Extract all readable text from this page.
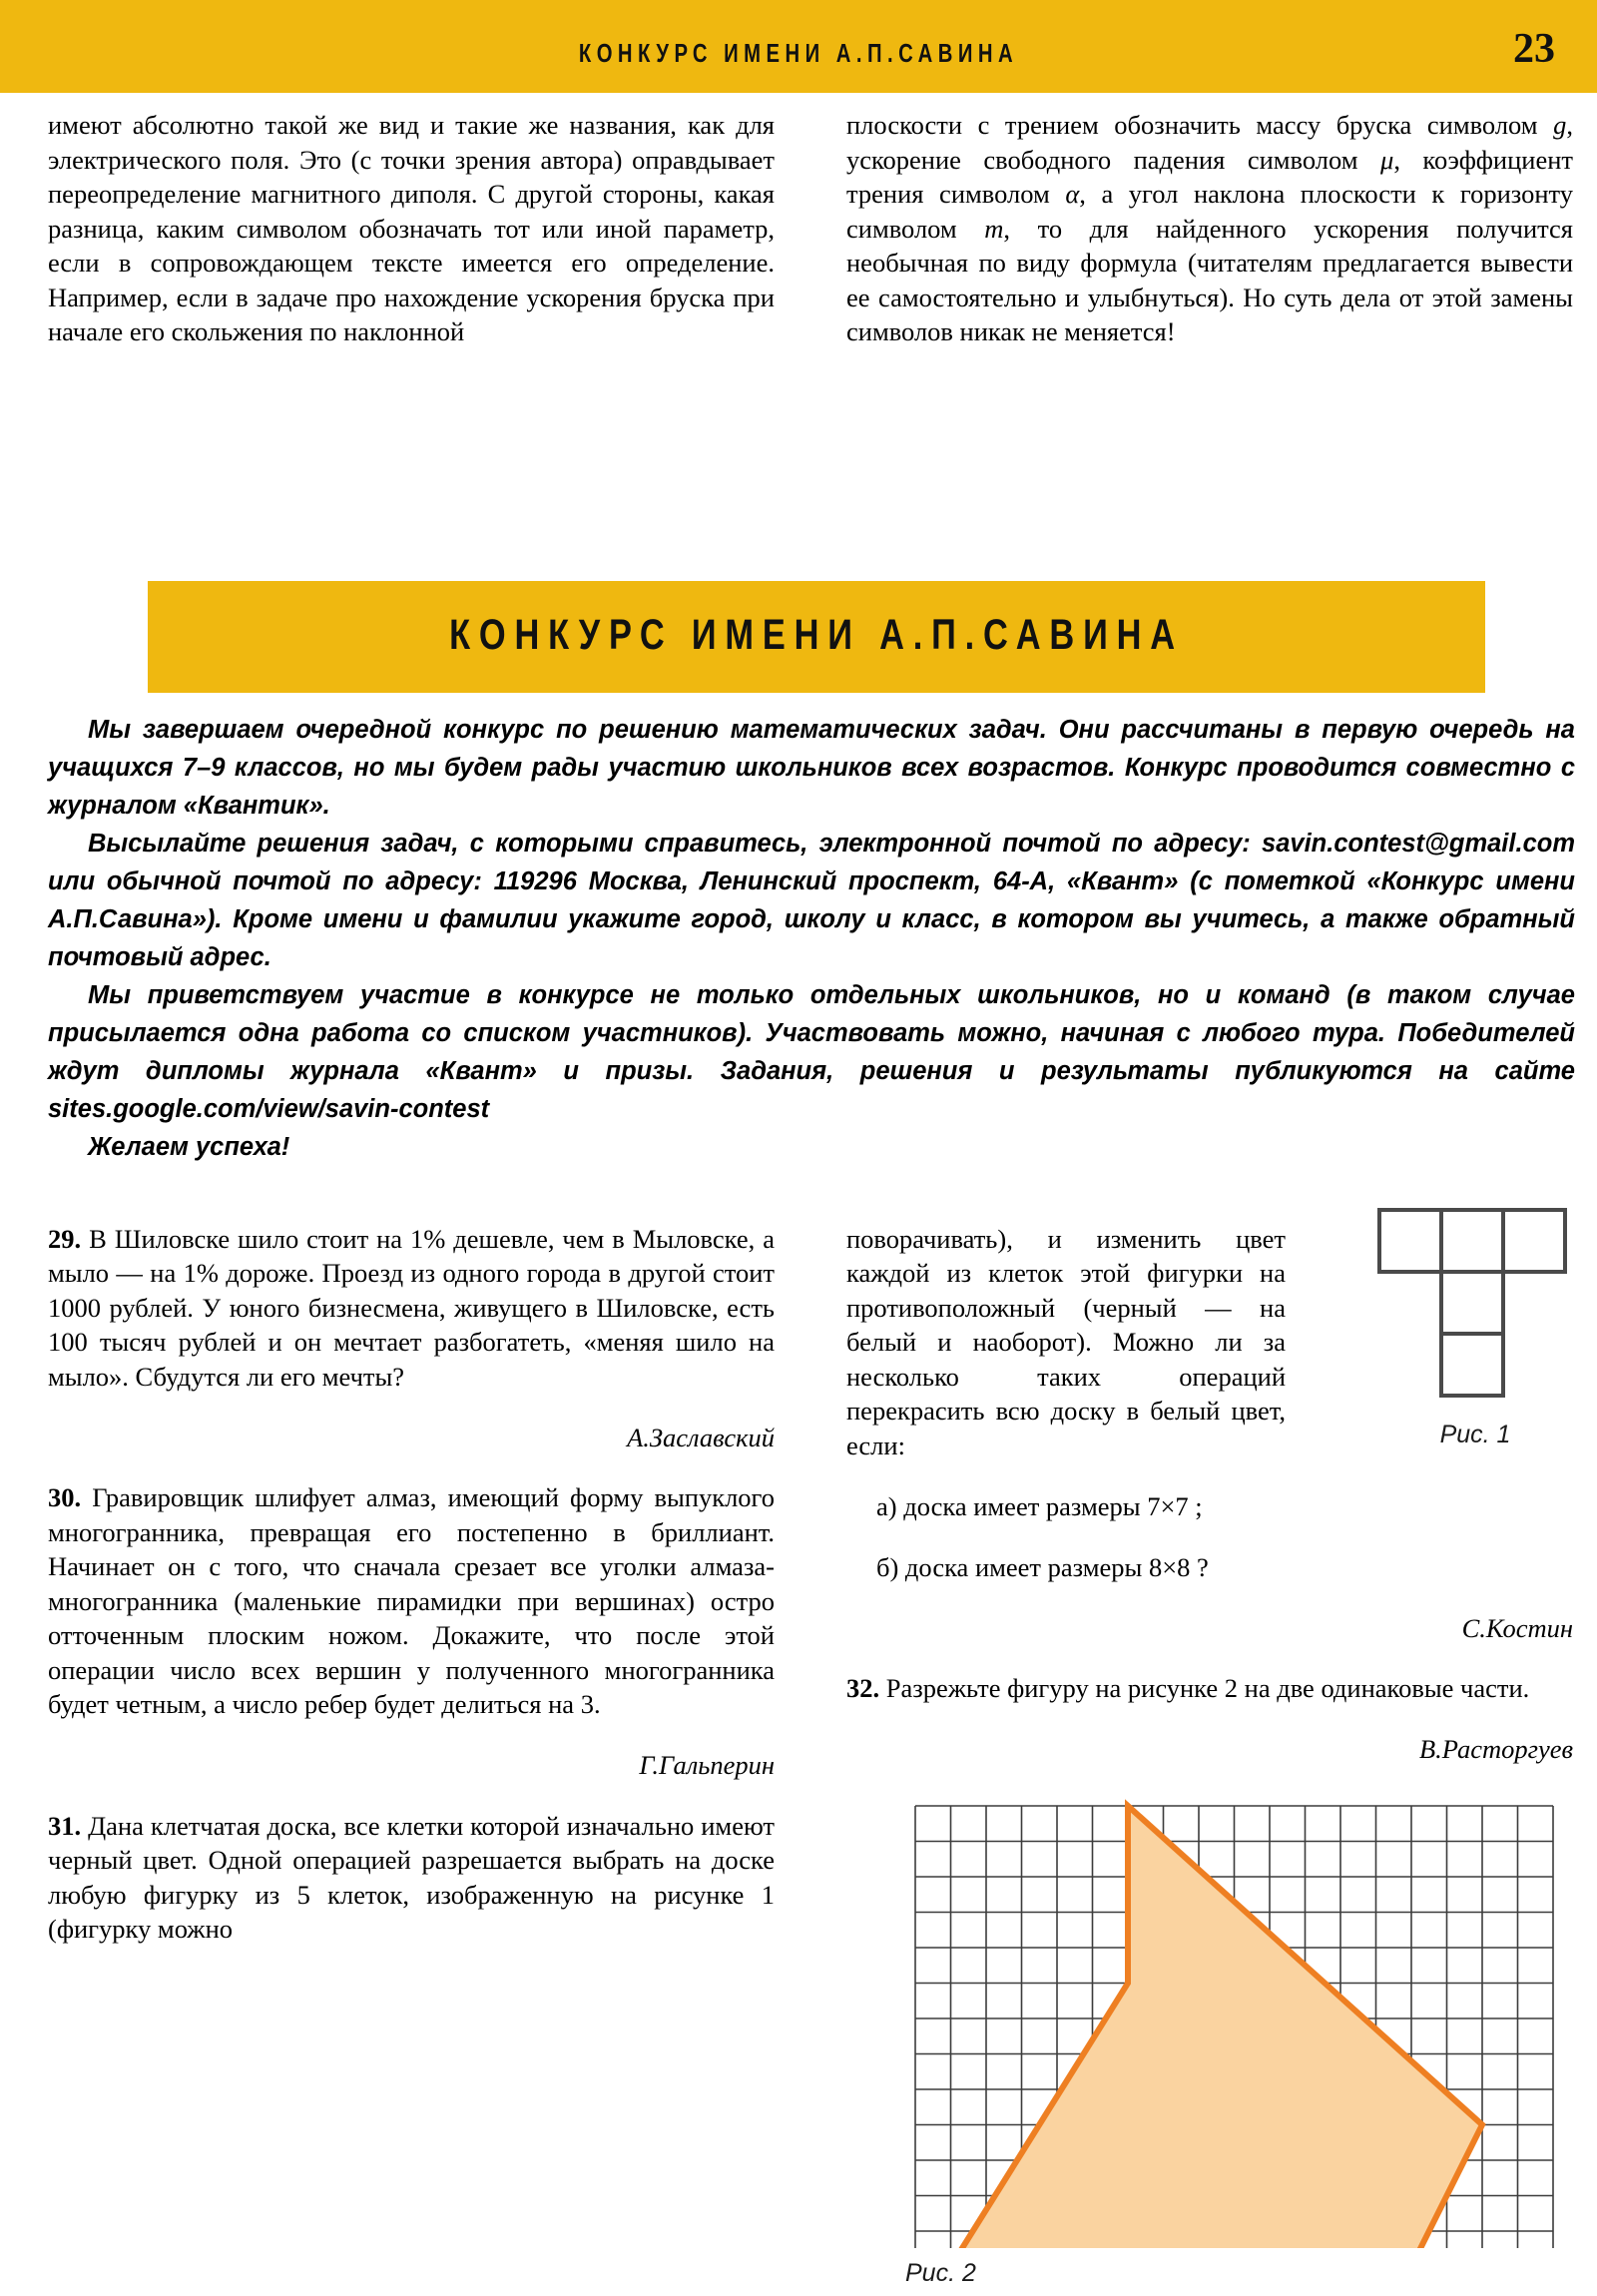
КОНКУРС ИМЕНИ А.П.САВИНА	23

имеют абсолютно такой же вид и такие же названия, как для электрического поля. Это (с точки зрения автора) оправдывает переопределение магнитного диполя. С другой стороны, какая разница, каким символом обозначать тот или иной параметр, если в сопровождающем тексте имеется его определение. Например, если в задаче про нахождение ускорения бруска при начале его скольжения по наклонной

плоскости с трением обозначить массу бруска символом g, ускорение свободного падения символом μ, коэффициент трения символом α, а угол наклона плоскости к горизонту символом m, то для найденного ускорения получится необычная по виду формула (читателям предлагается вывести ее самостоятельно и улыбнуться). Но суть дела от этой замены символов никак не меняется!

КОНКУРС ИМЕНИ А.П.САВИНА

Мы завершаем очередной конкурс по решению математических задач. Они рассчитаны в первую очередь на учащихся 7–9 классов, но мы будем рады участию школьников всех возрастов. Конкурс проводится совместно с журналом «Квантик».

Высылайте решения задач, с которыми справитесь, электронной почтой по адресу: savin.contest@gmail.com или обычной почтой по адресу: 119296 Москва, Ленинский проспект, 64-А, «Квант» (с пометкой «Конкурс имени А.П.Савина»). Кроме имени и фамилии укажите город, школу и класс, в котором вы учитесь, а также обратный почтовый адрес.

Мы приветствуем участие в конкурсе не только отдельных школьников, но и команд (в таком случае присылается одна работа со списком участников). Участвовать можно, начиная с любого тура. Победителей ждут дипломы журнала «Квант» и призы. Задания, решения и результаты публикуются на сайте sites.google.com/view/savin-contest

Желаем успеха!

29. В Шиловске шило стоит на 1% дешевле, чем в Мыловске, а мыло — на 1% дороже. Проезд из одного города в другой стоит 1000 рублей. У юного бизнесмена, живущего в Шиловске, есть 100 тысяч рублей и он мечтает разбогатеть, «меняя шило на мыло». Сбудутся ли его мечты?

А.Заславский

30. Гравировщик шлифует алмаз, имеющий форму выпуклого многогранника, превращая его постепенно в бриллиант. Начинает он с того, что сначала срезает все уголки алмаза-многогранника (маленькие пирамидки при вершинах) остро отточенным плоским ножом. Докажите, что после этой операции число всех вершин у полученного многогранника будет четным, а число ребер будет делиться на 3.

Г.Гальперин

31. Дана клетчатая доска, все клетки которой изначально имеют черный цвет. Одной операцией разрешается выбрать на доске любую фигурку из 5 клеток, изображенную на рисунке 1 (фигурку можно

поворачивать), и изменить цвет каждой из клеток этой фигурки на противоположный (черный — на белый и наоборот). Можно ли за несколько таких операций перекрасить всю доску в белый цвет, если:

а) доска имеет размеры 7×7 ;

б) доска имеет размеры 8×8 ?

С.Костин

32. Разрежьте фигуру на рисунке 2 на две одинаковые части.

В.Расторгуев
Рис. 1
Рис. 2
